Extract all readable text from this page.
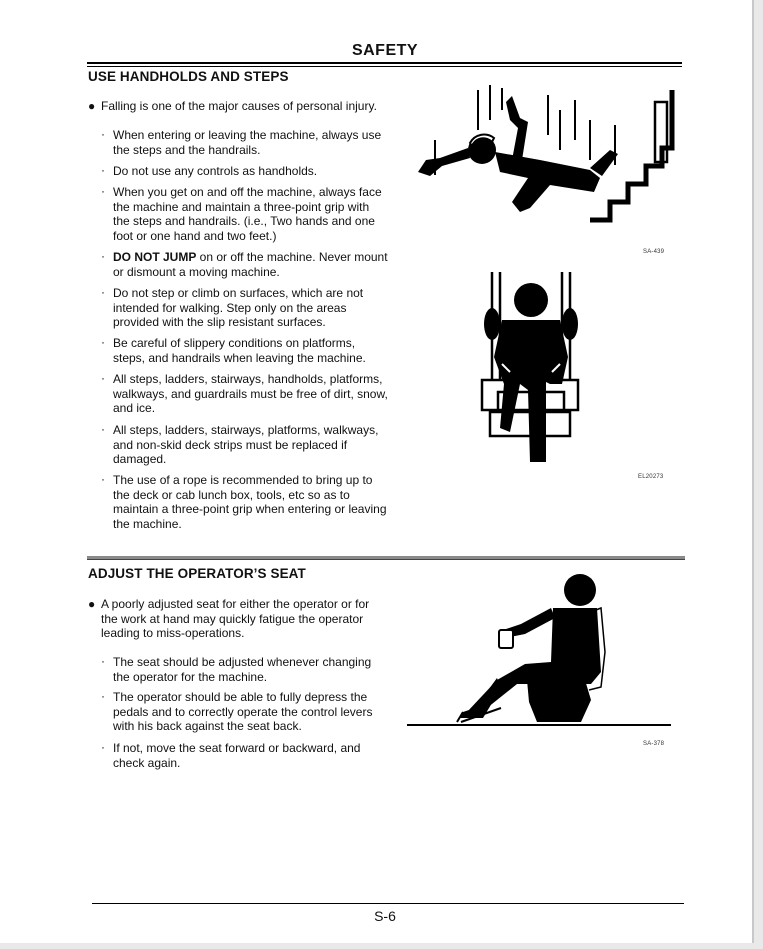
SAFETY
USE HANDHOLDS AND STEPS
● Falling is one of the major causes of personal injury.
· When entering or leaving the machine, always use the steps and the handrails.
· Do not use any controls as handholds.
· When you get on and off the machine, always face the machine and maintain a three-point grip with the steps and handrails. (i.e., Two hands and one foot or one hand and two feet.)
· DO NOT JUMP on or off the machine. Never mount or dismount a moving machine.
· Do not step or climb on surfaces, which are not intended for walking. Step only on the areas provided with the slip resistant surfaces.
· Be careful of slippery conditions on platforms, steps, and handrails when leaving the machine.
· All steps, ladders, stairways, handholds, platforms, walkways, and guardrails must be free of dirt, snow, and ice.
· All steps, ladders, stairways, platforms, walkways, and non-skid deck strips must be replaced if damaged.
· The use of a rope is recommended to bring up to the deck or cab lunch box, tools, etc so as to maintain a three-point grip when entering or leaving the machine.
SA-439
EL20273
ADJUST THE OPERATOR’S SEAT
● A poorly adjusted seat for either the operator or for the work at hand may quickly fatigue the operator leading to miss-operations.
· The seat should be adjusted whenever changing the operator for the machine.
· The operator should be able to fully depress the pedals and to correctly operate the control levers with his back against the seat back.
· If not, move the seat forward or backward, and check again.
SA-378
S-6
